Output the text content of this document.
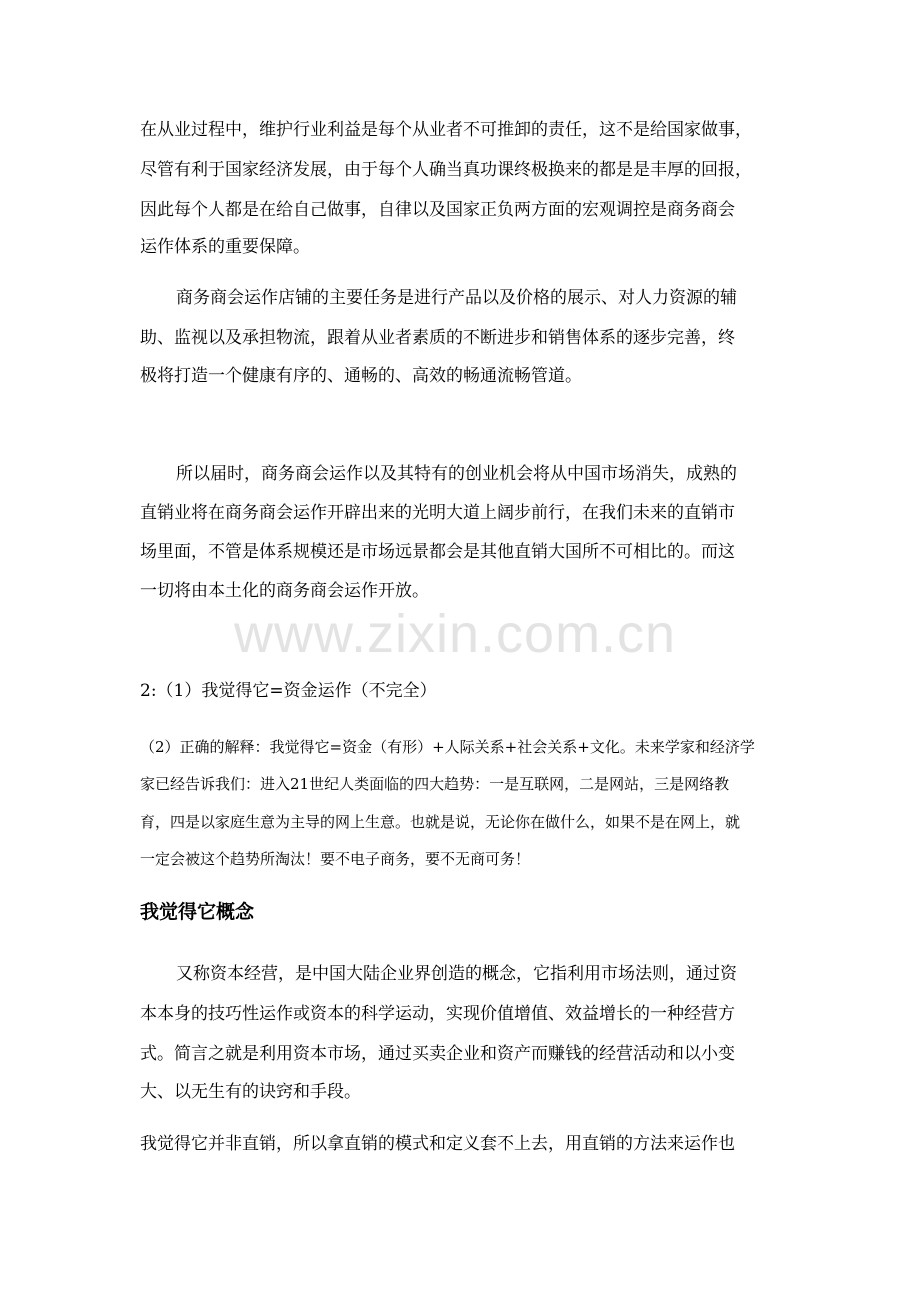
www.zixin.com.cn

在从业过程中，维护行业利益是每个从业者不可推卸的责任，这不是给国家做事，

尽管有利于国家经济发展，由于每个人确当真功课终极换来的都是是丰厚的回报，

因此每个人都是在给自己做事，自律以及国家正负两方面的宏观调控是商务商会

运作体系的重要保障。

商务商会运作店铺的主要任务是进行产品以及价格的展示、对人力资源的辅

助、监视以及承担物流，跟着从业者素质的不断进步和销售体系的逐步完善，终

极将打造一个健康有序的、通畅的、高效的畅通流畅管道。

所以届时，商务商会运作以及其特有的创业机会将从中国市场消失，成熟的

直销业将在商务商会运作开辟出来的光明大道上阔步前行，在我们未来的直销市

场里面，不管是体系规模还是市场远景都会是其他直销大国所不可相比的。而这

一切将由本土化的商务商会运作开放。

2:（1）我觉得它=资金运作（不完全）

（2）正确的解释：我觉得它=资金（有形）+人际关系+社会关系+文化。未来学家和经济学

家已经告诉我们：进入21世纪人类面临的四大趋势：一是互联网，二是网站，三是网络教

育，四是以家庭生意为主导的网上生意。也就是说，无论你在做什么，如果不是在网上，就

一定会被这个趋势所淘汰！要不电子商务，要不无商可务！

我觉得它概念

又称资本经营，是中国大陆企业界创造的概念，它指利用市场法则，通过资

本本身的技巧性运作或资本的科学运动，实现价值增值、效益增长的一种经营方

式。简言之就是利用资本市场，通过买卖企业和资产而赚钱的经营活动和以小变

大、以无生有的诀窍和手段。

我觉得它并非直销，所以拿直销的模式和定义套不上去，用直销的方法来运作也
